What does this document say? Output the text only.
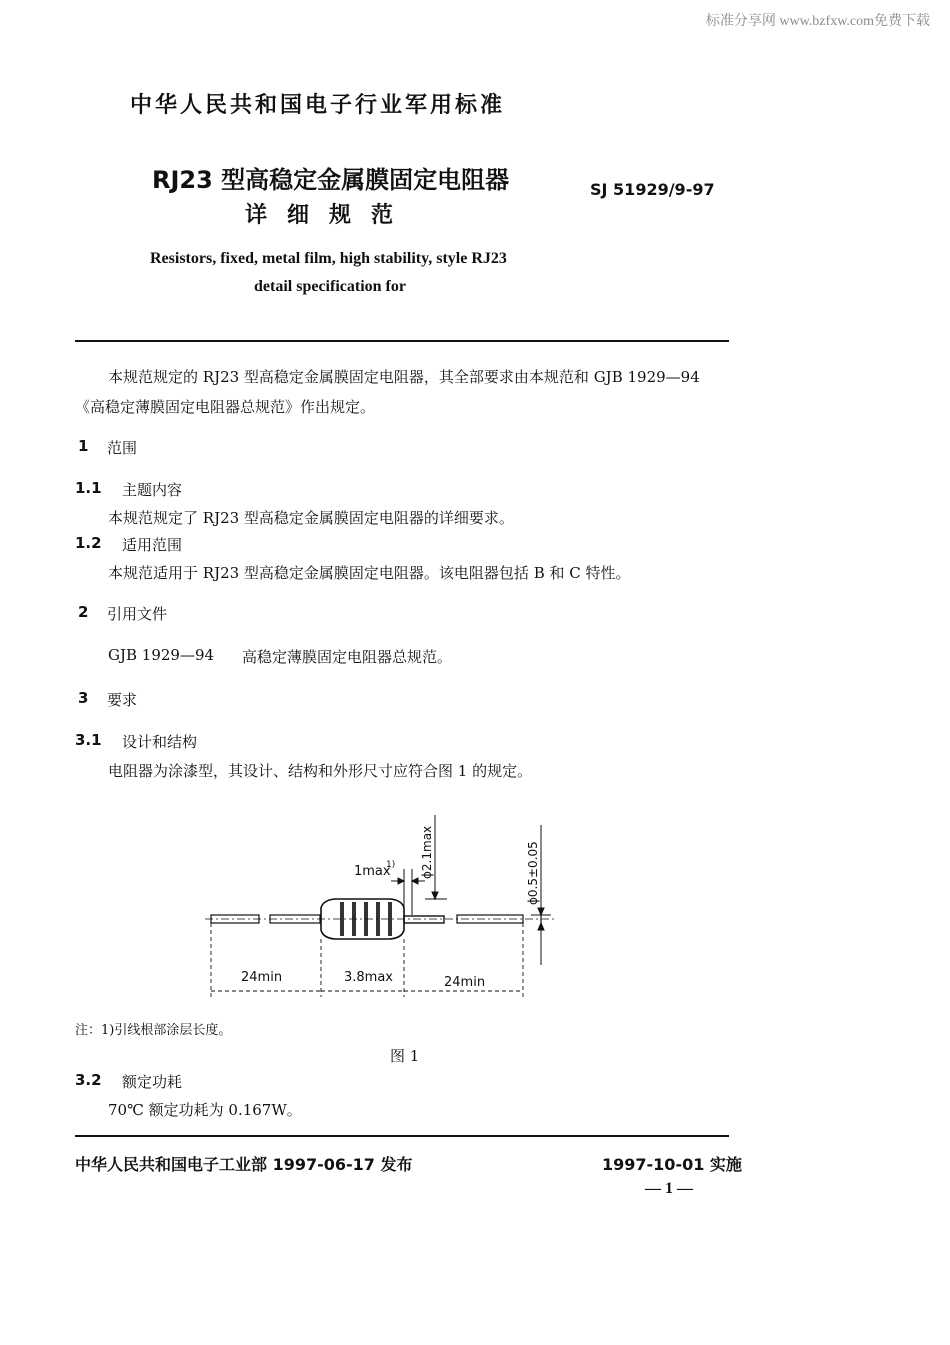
标准分享网 www.bzfxw.com免费下载
中华人民共和国电子行业军用标准
RJ23 型高稳定金属膜固定电阻器
详细规范
SJ 51929/9-97
Resistors, fixed, metal film, high stability, style RJ23
detail specification for
本规范规定的 RJ23 型高稳定金属膜固定电阻器，其全部要求由本规范和 GJB 1929—94
《高稳定薄膜固定电阻器总规范》作出规定。
1 范围
1.1 主题内容
本规范规定了 RJ23 型高稳定金属膜固定电阻器的详细要求。
1.2 适用范围
本规范适用于 RJ23 型高稳定金属膜固定电阻器。该电阻器包括 B 和 C 特性。
2 引用文件
GJB 1929—94 高稳定薄膜固定电阻器总规范。
3 要求
3.1 设计和结构
电阻器为涂漆型，其设计、结构和外形尺寸应符合图 1 的规定。
1max
1) ϕ2.1max	ϕ0.5±0.05
24min	3.8max	24min
注：1)引线根部涂层长度。
图 1
3.2 额定功耗
70℃ 额定功耗为 0.167W。
中华人民共和国电子工业部 1997-06-17 发布	1997-10-01 实施
— 1 —
